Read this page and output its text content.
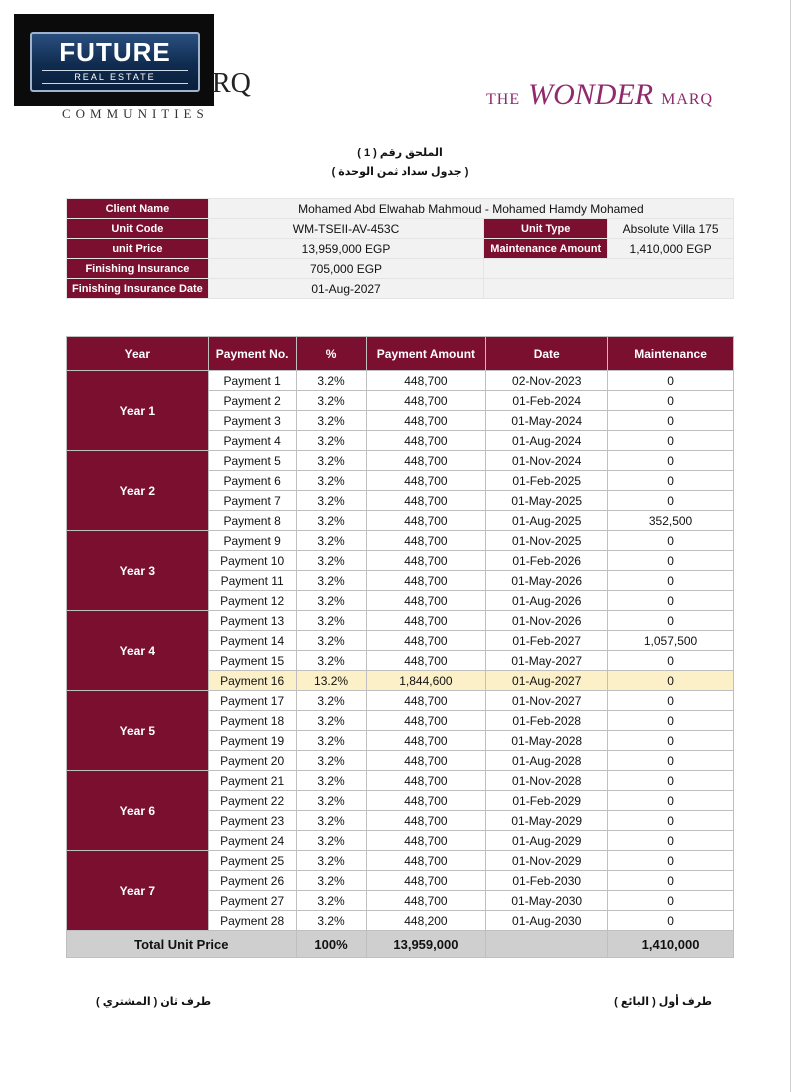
FUTURE
REAL ESTATE	RQ
COMMUNITIES
THE WONDER MARQ
الملحق رقم ( 1 )
( جدول سداد ثمن الوحدة )
Client Name	Mohamed Abd Elwahab Mahmoud - Mohamed Hamdy Mohamed		
Unit Code	WM-TSEII-AV-453C	Unit Type	Absolute Villa 175
unit Price	13,959,000 EGP	Maintenance Amount	1,410,000 EGP
Finishing Insurance	705,000 EGP		
Finishing Insurance Date	01-Aug-2027		
Year	Payment No.	%	Payment Amount	Date	Maintenance
Year 1	Payment 1	3.2%	448,700	02-Nov-2023	0
	Payment 2	3.2%	448,700	01-Feb-2024	0
	Payment 3	3.2%	448,700	01-May-2024	0
	Payment 4	3.2%	448,700	01-Aug-2024	0
Year 2	Payment 5	3.2%	448,700	01-Nov-2024	0
	Payment 6	3.2%	448,700	01-Feb-2025	0
	Payment 7	3.2%	448,700	01-May-2025	0
	Payment 8	3.2%	448,700	01-Aug-2025	352,500
Year 3	Payment 9	3.2%	448,700	01-Nov-2025	0
	Payment 10	3.2%	448,700	01-Feb-2026	0
	Payment 11	3.2%	448,700	01-May-2026	0
	Payment 12	3.2%	448,700	01-Aug-2026	0
Year 4	Payment 13	3.2%	448,700	01-Nov-2026	0
	Payment 14	3.2%	448,700	01-Feb-2027	1,057,500
	Payment 15	3.2%	448,700	01-May-2027	0
	Payment 16	13.2%	1,844,600	01-Aug-2027	0
Year 5	Payment 17	3.2%	448,700	01-Nov-2027	0
	Payment 18	3.2%	448,700	01-Feb-2028	0
	Payment 19	3.2%	448,700	01-May-2028	0
	Payment 20	3.2%	448,700	01-Aug-2028	0
Year 6	Payment 21	3.2%	448,700	01-Nov-2028	0
	Payment 22	3.2%	448,700	01-Feb-2029	0
	Payment 23	3.2%	448,700	01-May-2029	0
	Payment 24	3.2%	448,700	01-Aug-2029	0
Year 7	Payment 25	3.2%	448,700	01-Nov-2029	0
	Payment 26	3.2%	448,700	01-Feb-2030	0
	Payment 27	3.2%	448,700	01-May-2030	0
	Payment 28	3.2%	448,200	01-Aug-2030	0
Total Unit Price		100%	13,959,000		1,410,000
طرف ثان ( المشتري )	طرف أول ( البائع )
